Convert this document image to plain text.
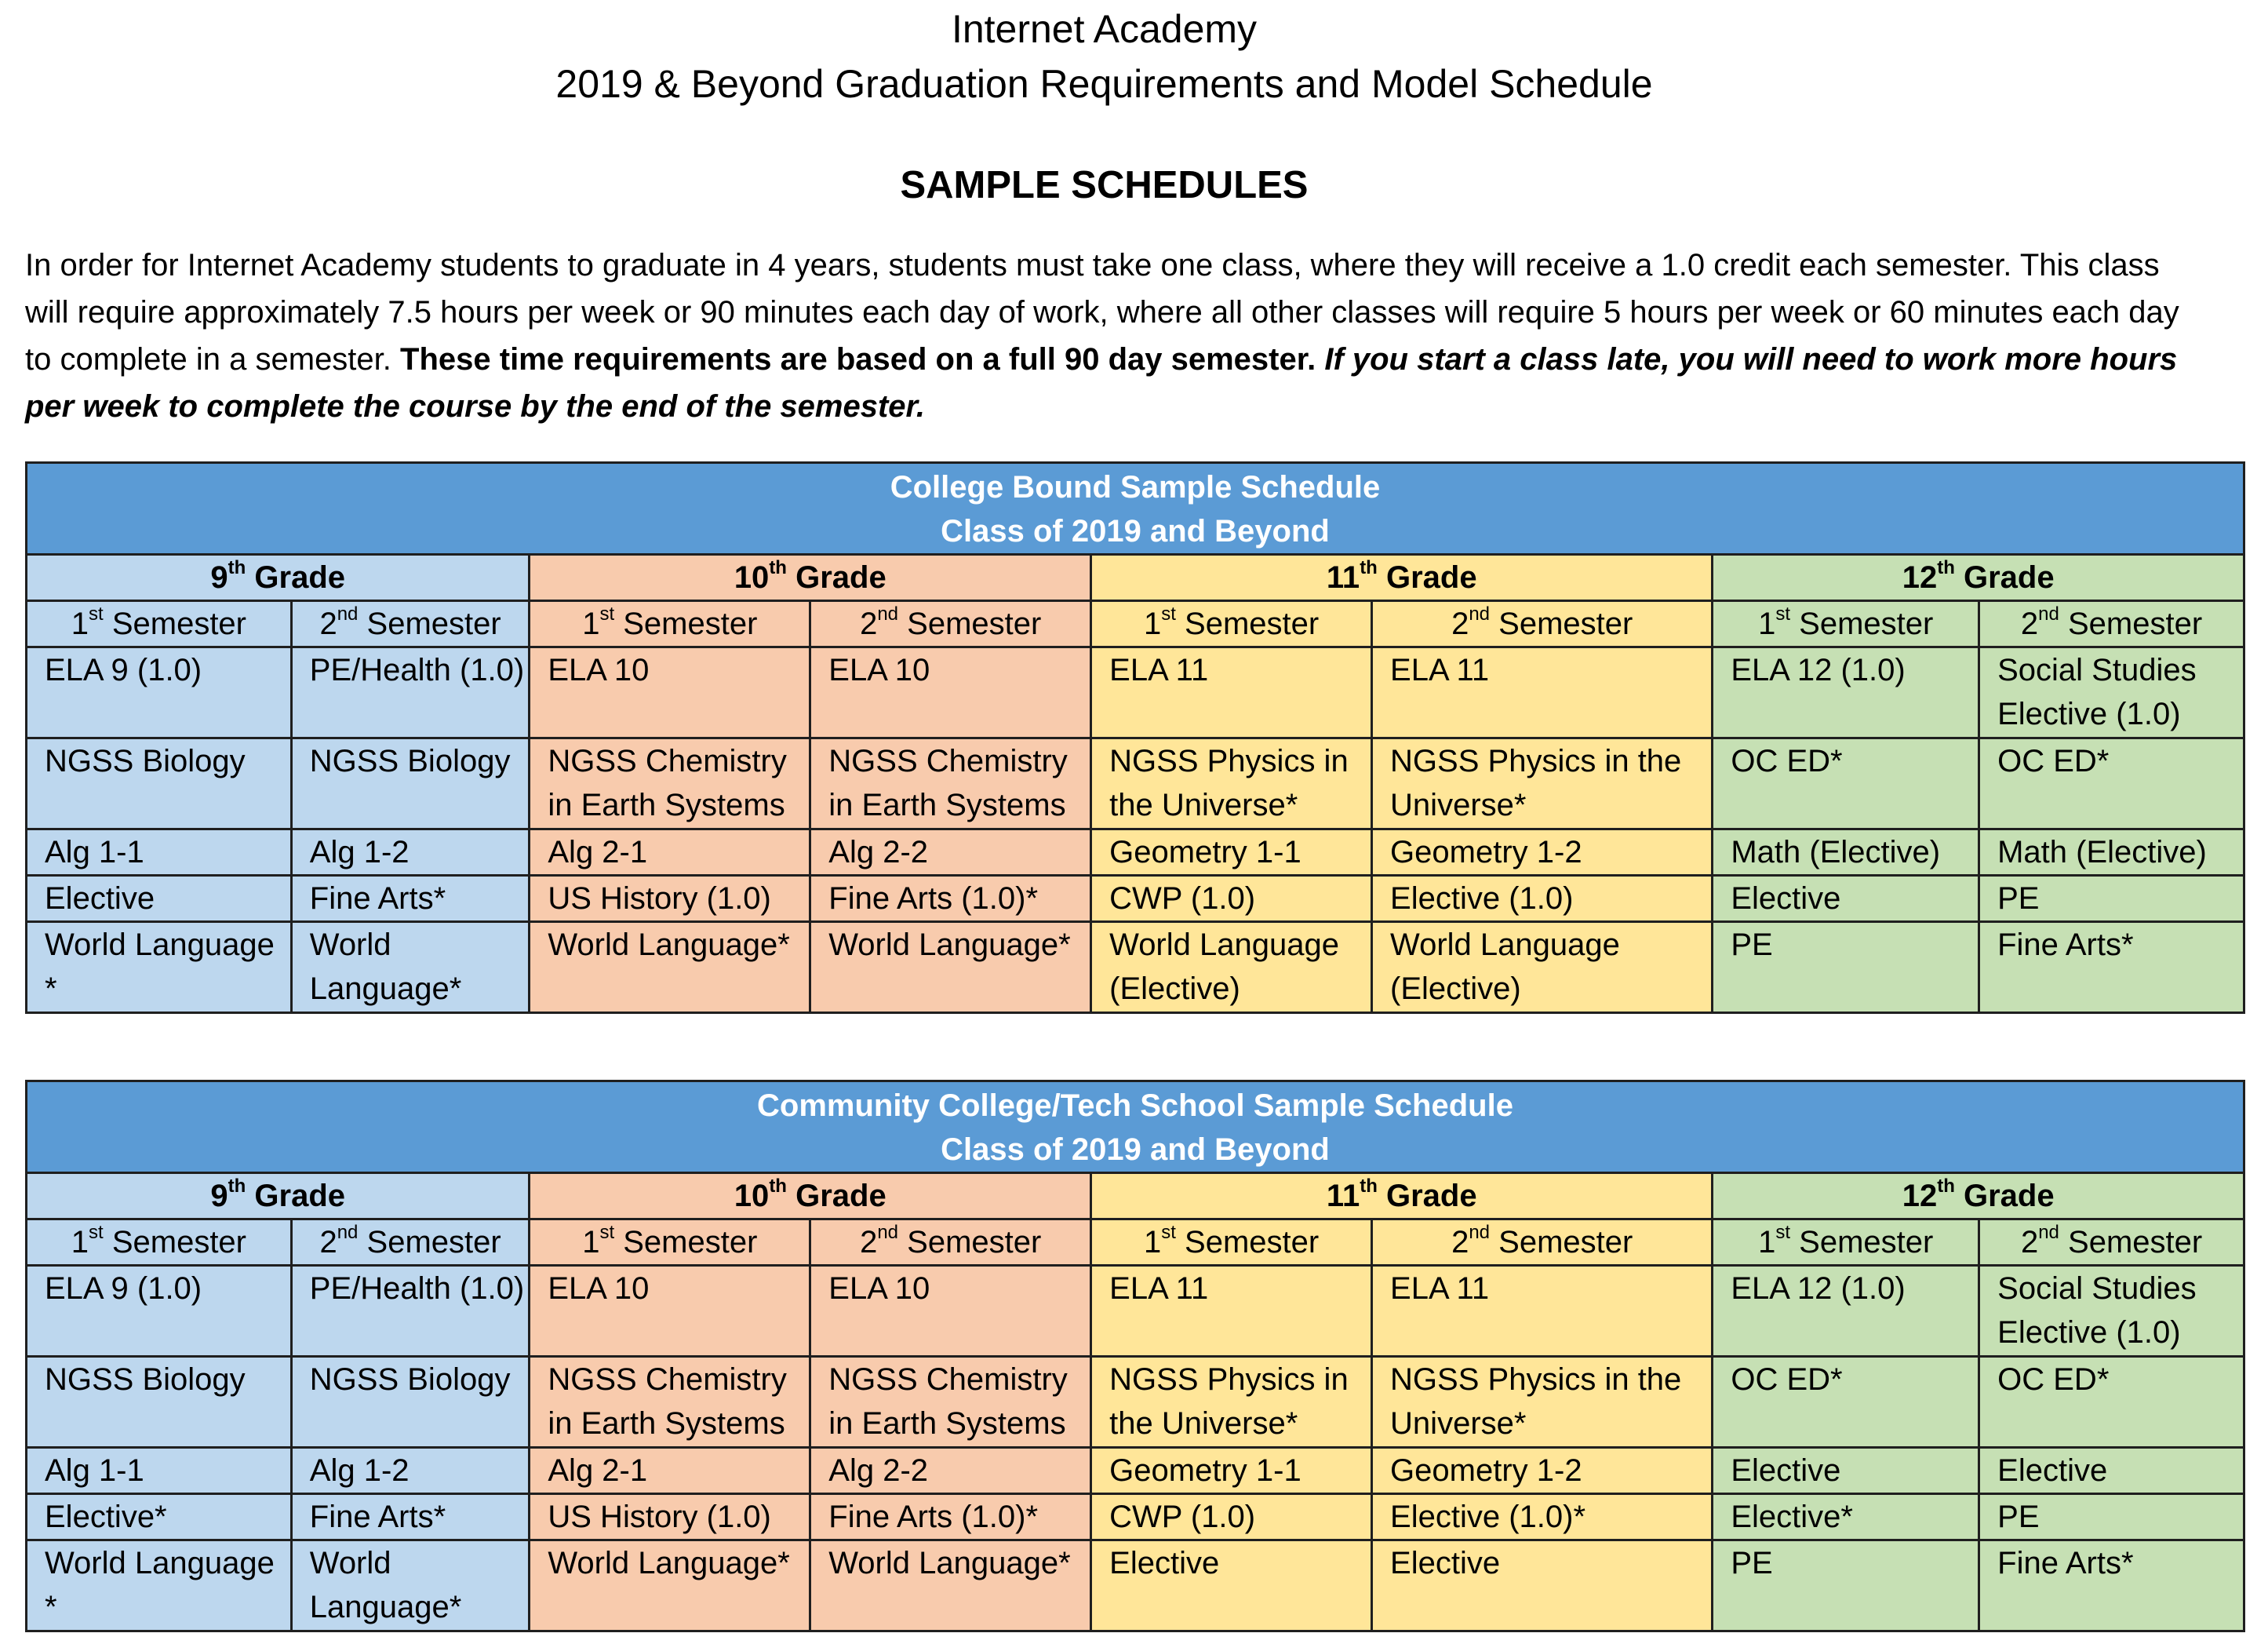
Internet Academy
2019 & Beyond Graduation Requirements and Model Schedule
SAMPLE SCHEDULES
In order for Internet Academy students to graduate in 4 years, students must take one class, where they will receive a 1.0 credit each semester. This class will require approximately 7.5 hours per week or 90 minutes each day of work, where all other classes will require 5 hours per week or 60 minutes each day to complete in a semester. These time requirements are based on a full 90 day semester. If you start a class late, you will need to work more hours per week to complete the course by the end of the semester.
College Bound Sample Schedule
Class of 2019 and Beyond							

9th Grade		10th Grade		11th Grade		12th Grade	
1st Semester	2nd Semester	1st Semester	2nd Semester	1st Semester	2nd Semester	1st Semester	2nd Semester
ELA 9 (1.0)	PE/Health (1.0)	ELA 10	ELA 10	ELA 11	ELA 11	ELA 12 (1.0)	Social Studies Elective (1.0)
NGSS Biology	NGSS Biology	NGSS Chemistry in Earth Systems	NGSS Chemistry in Earth Systems	NGSS Physics in the Universe*	NGSS Physics in the Universe*	OC ED*	OC ED*
Alg 1-1	Alg 1-2	Alg 2-1	Alg 2-2	Geometry 1-1	Geometry 1-2	Math (Elective)	Math (Elective)
Elective	Fine Arts*	US History (1.0)	Fine Arts (1.0)*	CWP (1.0)	Elective (1.0)	Elective	PE
World Language *	World Language*	World Language*	World Language*	World Language (Elective)	World Language (Elective)	PE	Fine Arts*
Community College/Tech School Sample Schedule
Class of 2019 and Beyond							

9th Grade		10th Grade		11th Grade		12th Grade	
1st Semester	2nd Semester	1st Semester	2nd Semester	1st Semester	2nd Semester	1st Semester	2nd Semester
ELA 9 (1.0)	PE/Health (1.0)	ELA 10	ELA 10	ELA 11	ELA 11	ELA 12 (1.0)	Social Studies Elective (1.0)
NGSS Biology	NGSS Biology	NGSS Chemistry in Earth Systems	NGSS Chemistry in Earth Systems	NGSS Physics in the Universe*	NGSS Physics in the Universe*	OC ED*	OC ED*
Alg 1-1	Alg 1-2	Alg 2-1	Alg 2-2	Geometry 1-1	Geometry 1-2	Elective	Elective
Elective*	Fine Arts*	US History (1.0)	Fine Arts (1.0)*	CWP (1.0)	Elective (1.0)*	Elective*	PE
World Language *	World Language*	World Language*	World Language*	Elective	Elective	PE	Fine Arts*
